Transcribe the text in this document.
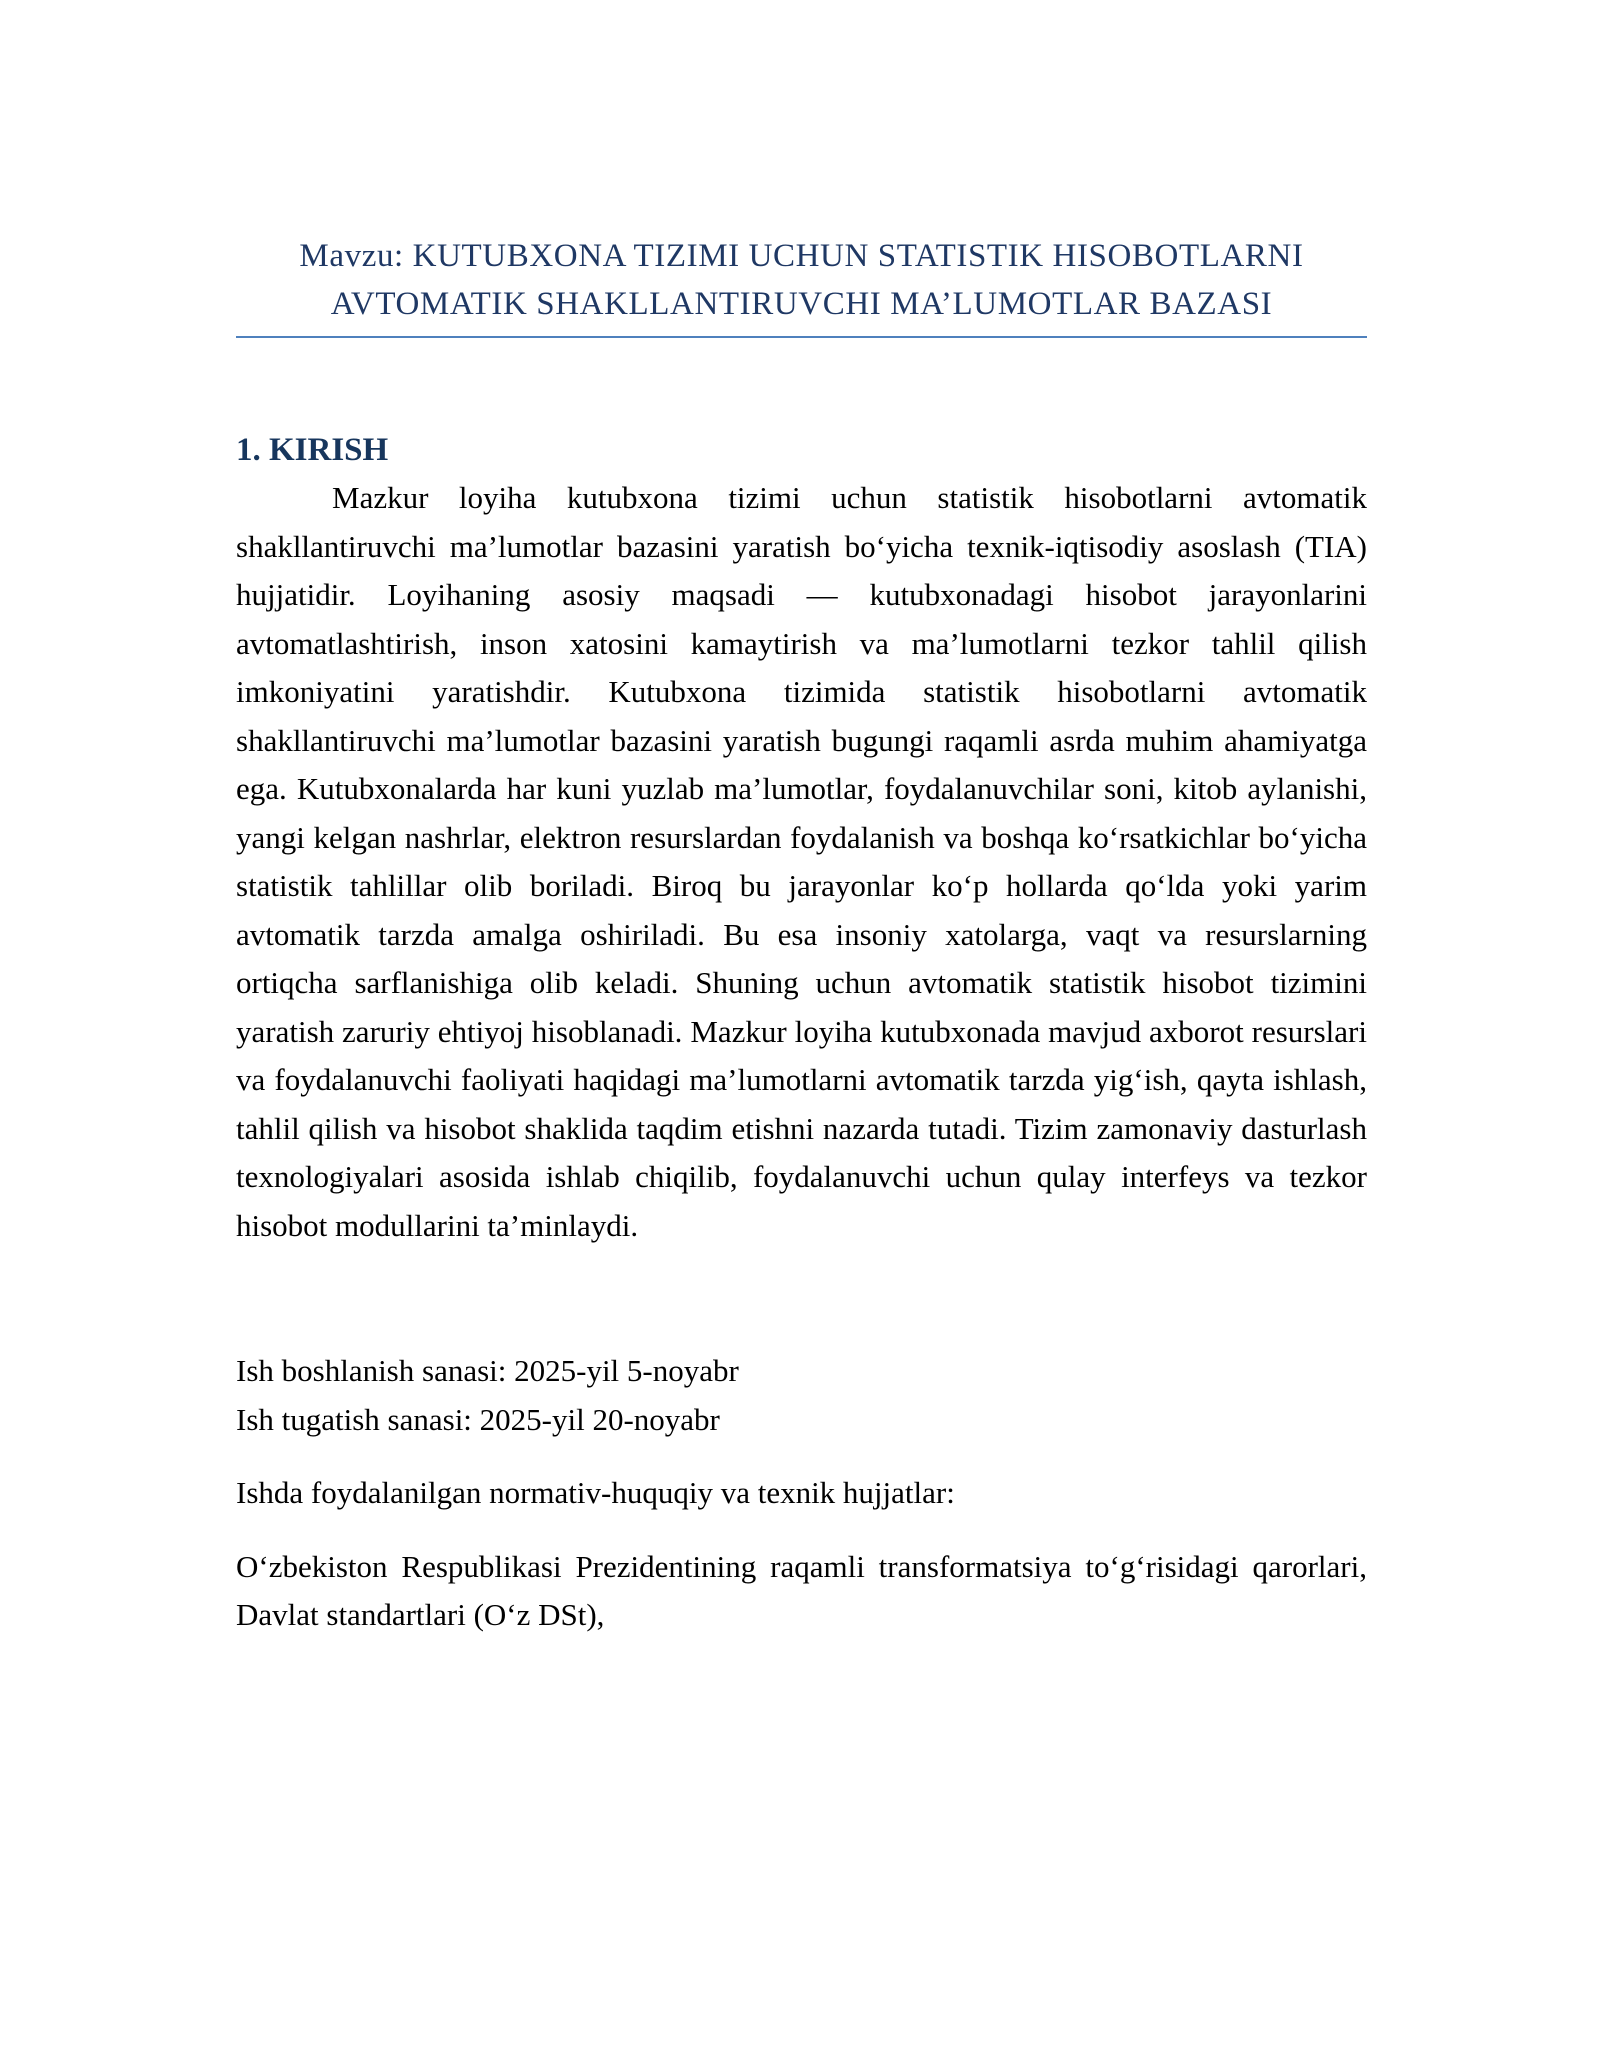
Mavzu: KUTUBXONA TIZIMI UCHUN STATISTIK HISOBOTLARNI
AVTOMATIK SHAKLLANTIRUVCHI MA’LUMOTLAR BAZASI
1. KIRISH

Mazkur loyiha kutubxona tizimi uchun statistik hisobotlarni avtomatik shakllantiruvchi ma’lumotlar bazasini yaratish bo‘yicha texnik-iqtisodiy asoslash (TIA) hujjatidir. Loyihaning asosiy maqsadi — kutubxonadagi hisobot jarayonlarini avtomatlashtirish, inson xatosini kamaytirish va ma’lumotlarni tezkor tahlil qilish imkoniyatini yaratishdir. Kutubxona tizimida statistik hisobotlarni avtomatik shakllantiruvchi ma’lumotlar bazasini yaratish bugungi raqamli asrda muhim ahamiyatga ega. Kutubxonalarda har kuni yuzlab ma’lumotlar, foydalanuvchilar soni, kitob aylanishi, yangi kelgan nashrlar, elektron resurslardan foydalanish va boshqa ko‘rsatkichlar bo‘yicha statistik tahlillar olib boriladi. Biroq bu jarayonlar ko‘p hollarda qo‘lda yoki yarim avtomatik tarzda amalga oshiriladi. Bu esa insoniy xatolarga, vaqt va resurslarning ortiqcha sarflanishiga olib keladi. Shuning uchun avtomatik statistik hisobot tizimini yaratish zaruriy ehtiyoj hisoblanadi. Mazkur loyiha kutubxonada mavjud axborot resurslari va foydalanuvchi faoliyati haqidagi ma’lumotlarni avtomatik tarzda yig‘ish, qayta ishlash, tahlil qilish va hisobot shaklida taqdim etishni nazarda tutadi. Tizim zamonaviy dasturlash texnologiyalari asosida ishlab chiqilib, foydalanuvchi uchun qulay interfeys va tezkor hisobot modullarini ta’minlaydi.

Ish boshlanish sanasi: 2025-yil 5-noyabr

Ish tugatish sanasi: 2025-yil 20-noyabr

Ishda foydalanilgan normativ-huquqiy va texnik hujjatlar:

O‘zbekiston Respublikasi Prezidentining raqamli transformatsiya to‘g‘risidagi qarorlari, Davlat standartlari (O‘z DSt),
